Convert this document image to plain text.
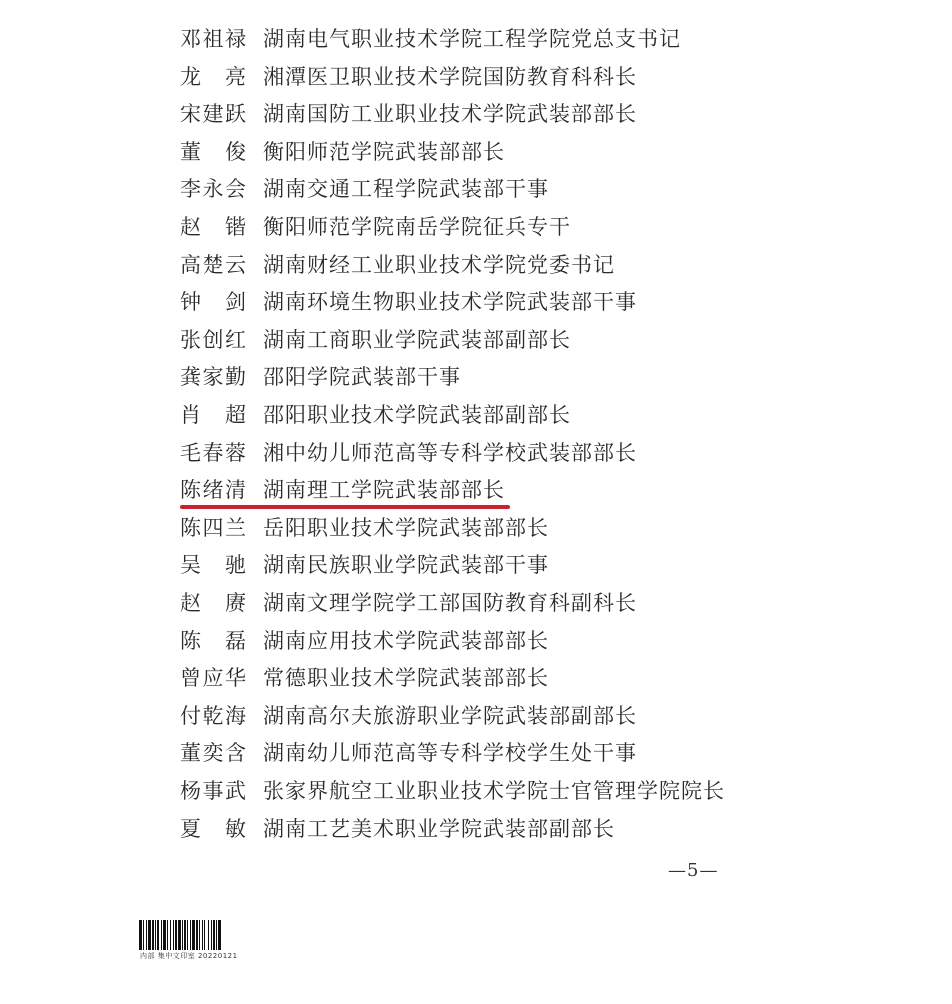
邓 祖 禄 湖南电气职业技术学院工程学院党总支书记
龙 亮 湘潭医卫职业技术学院国防教育科科长
宋 建 跃 湖南国防工业职业技术学院武装部部长
董 俊 衡阳师范学院武装部部长
李 永 会 湖南交通工程学院武装部干事
赵 锴 衡阳师范学院南岳学院征兵专干
高 楚 云 湖南财经工业职业技术学院党委书记
钟 剑 湖南环境生物职业技术学院武装部干事
张 创 红 湖南工商职业学院武装部副部长
龚 家 勤 邵阳学院武装部干事
肖 超 邵阳职业技术学院武装部副部长
毛 春 蓉 湘中幼儿师范高等专科学校武装部部长
陈 绪 清 湖南理工学院武装部部长
陈 四 兰 岳阳职业技术学院武装部部长
吴 驰 湖南民族职业学院武装部干事
赵 赓 湖南文理学院学工部国防教育科副科长
陈 磊 湖南应用技术学院武装部部长
曾 应 华 常德职业技术学院武装部部长
付 乾 海 湖南高尔夫旅游职业学院武装部副部长
董 奕 含 湖南幼儿师范高等专科学校学生处干事
杨 事 武 张家界航空工业职业技术学院士官管理学院院长
夏 敏 湖南工艺美术职业学院武装部副部长
—5—
内部 集中文印室 20220121
